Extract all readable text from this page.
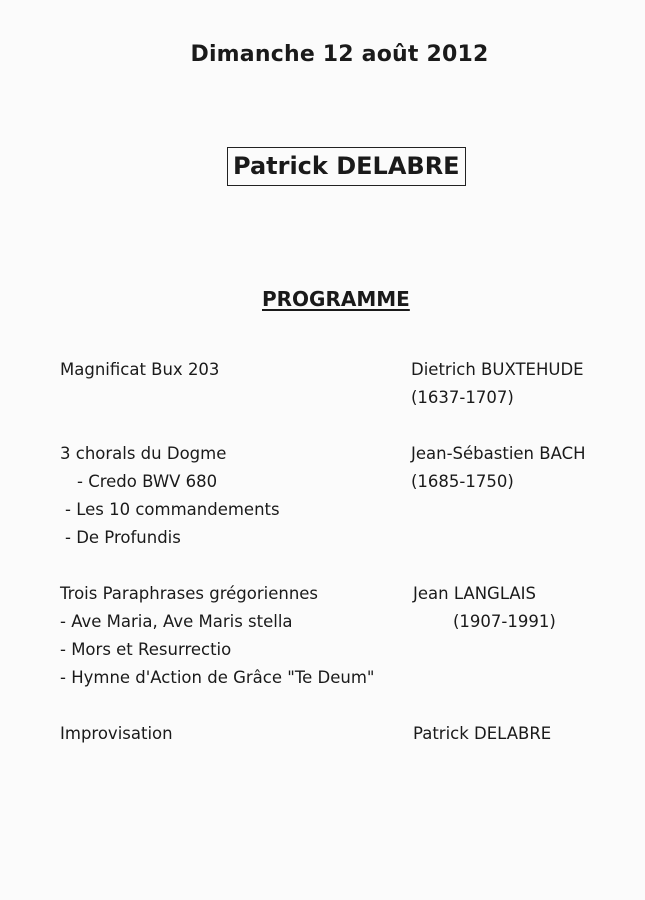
Dimanche 12 août 2012
Patrick DELABRE
PROGRAMME
Magnificat Bux 203	Dietrich BUXTEHUDE
(1637-1707)
3 chorals du Dogme
- Credo BWV 680
- Les 10 commandements
- De Profundis
Jean-Sébastien BACH
(1685-1750)
Trois Paraphrases grégoriennes
- Ave Maria, Ave Maris stella
- Mors et Resurrectio
- Hymne d'Action de Grâce "Te Deum"
Jean LANGLAIS
(1907-1991)
Improvisation	Patrick DELABRE
